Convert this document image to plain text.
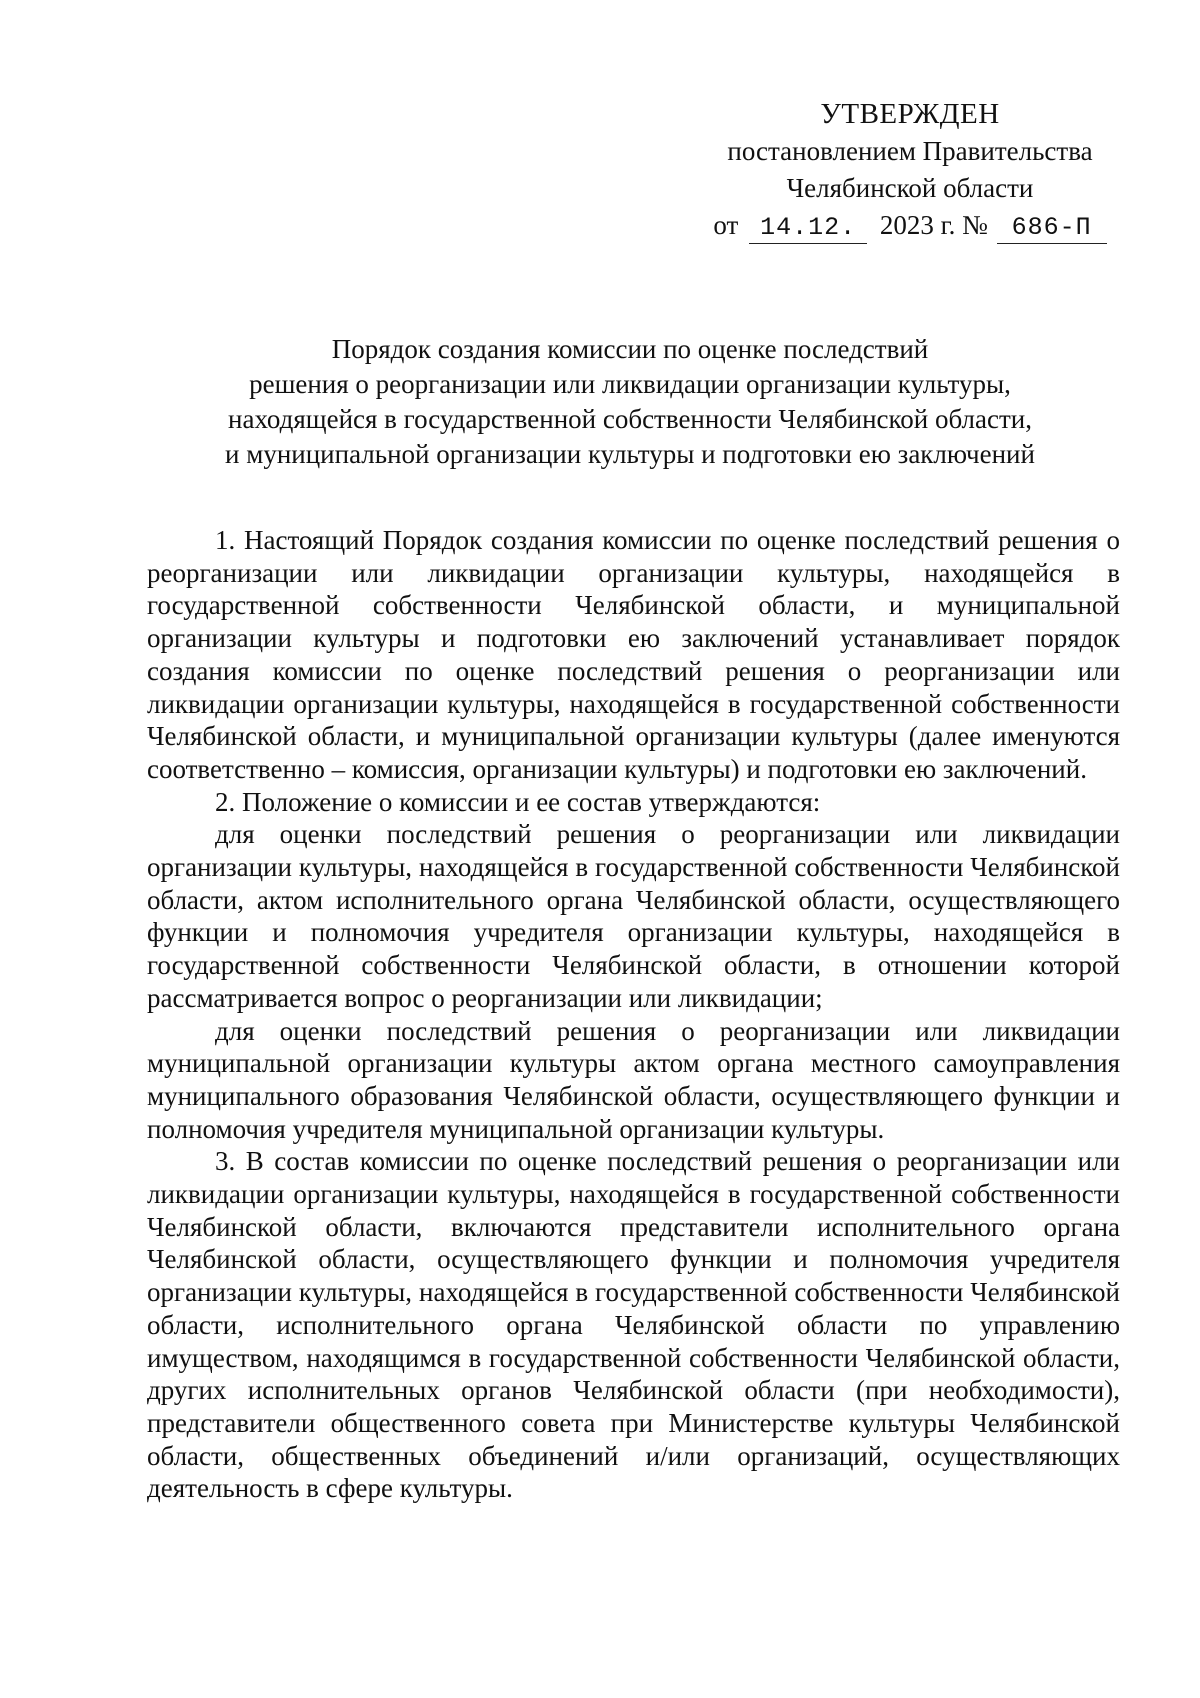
УТВЕРЖДЕН
постановлением Правительства
Челябинской области
от 14.12. 2023 г. № 686-П
Порядок создания комиссии по оценке последствий
решения о реорганизации или ликвидации организации культуры,
находящейся в государственной собственности Челябинской области,
и муниципальной организации культуры и подготовки ею заключений

1. Настоящий Порядок создания комиссии по оценке последствий решения о реорганизации или ликвидации организации культуры, находящейся в государственной собственности Челябинской области, и муниципальной организации культуры и подготовки ею заключений устанавливает порядок создания комиссии по оценке последствий решения о реорганизации или ликвидации организации культуры, находящейся в государственной собственности Челябинской области, и муниципальной организации культуры (далее именуются соответственно – комиссия, организации культуры) и подготовки ею заключений.

2. Положение о комиссии и ее состав утверждаются:

для оценки последствий решения о реорганизации или ликвидации организации культуры, находящейся в государственной собственности Челябинской области, актом исполнительного органа Челябинской области, осуществляющего функции и полномочия учредителя организации культуры, находящейся в государственной собственности Челябинской области, в отношении которой рассматривается вопрос о реорганизации или ликвидации;

для оценки последствий решения о реорганизации или ликвидации муниципальной организации культуры актом органа местного самоуправления муниципального образования Челябинской области, осуществляющего функции и полномочия учредителя муниципальной организации культуры.

3. В состав комиссии по оценке последствий решения о реорганизации или ликвидации организации культуры, находящейся в государственной собственности Челябинской области, включаются представители исполнительного органа Челябинской области, осуществляющего функции и полномочия учредителя организации культуры, находящейся в государственной собственности Челябинской области, исполнительного органа Челябинской области по управлению имуществом, находящимся в государственной собственности Челябинской области, других исполнительных органов Челябинской области (при необходимости), представители общественного совета при Министерстве культуры Челябинской области, общественных объединений и/или организаций, осуществляющих деятельность в сфере культуры.
